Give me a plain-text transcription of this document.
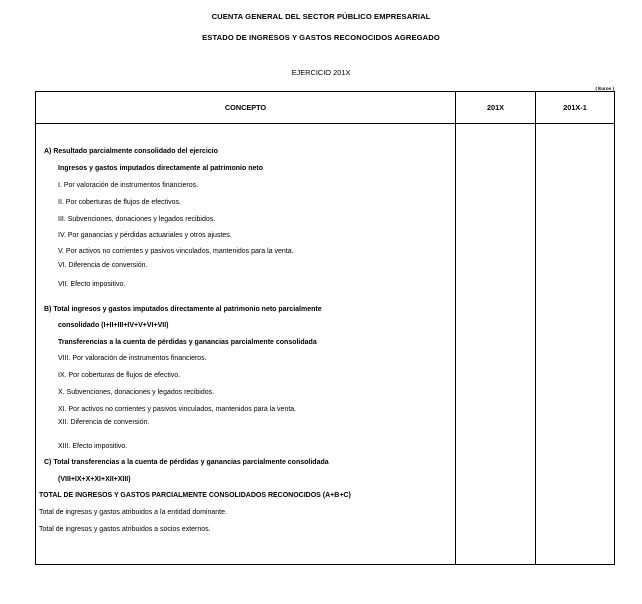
CUENTA GENERAL DEL SECTOR PÚBLICO EMPRESARIAL
ESTADO DE INGRESOS Y GASTOS RECONOCIDOS AGREGADO
EJERCICIO 201X
( Euros )
CONCEPTO	201X	201X-1
A) Resultado parcialmente consolidado del ejercicio
Ingresos y gastos imputados directamente al patrimonio neto
I. Por valoración de instrumentos financieros.
II. Por coberturas de flujos de efectivos.
III. Subvenciones, donaciones y legados recibidos.
IV. Por ganancias y pérdidas actuariales y otros ajustes.
V. Por activos no corrientes y pasivos vinculados, mantenidos para la venta.
VI. Diferencia de conversión.
VII. Efecto impositivo.
B) Total ingresos y gastos imputados directamente al patrimonio neto parcialmente
consolidado (I+II+III+IV+V+VI+VII)
Transferencias a la cuenta de pérdidas y ganancias parcialmente consolidada
VIII. Por valoración de instrumentos financieros.
IX. Por coberturas de flujos de efectivo.
X. Subvenciones, donaciones y legados recibidos.
XI. Por activos no corrientes y pasivos vinculados, mantenidos para la venta.
XII. Diferencia de conversión.
XIII. Efecto impositivo.
C) Total transferencias a la cuenta de pérdidas y ganancias parcialmente consolidada
(VIII+IX+X+XI+XII+XIII)
TOTAL DE INGRESOS Y GASTOS PARCIALMENTE CONSOLIDADOS RECONOCIDOS (A+B+C)
Total de ingresos y gastos atribuidos a la entidad dominante.
Total de ingresos y gastos atribuidos a socios externos.
